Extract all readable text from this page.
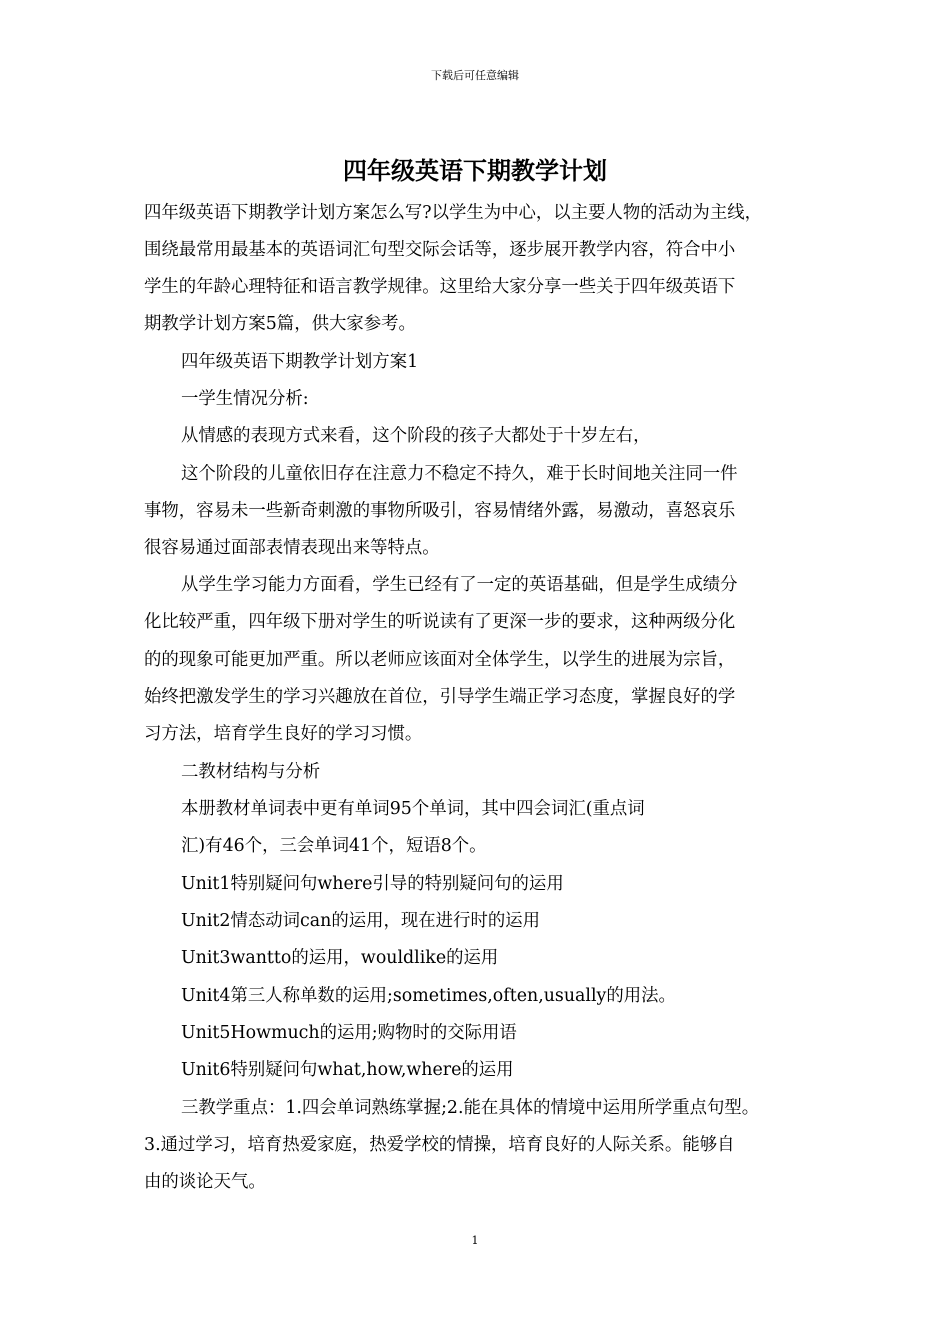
下载后可任意编辑
四年级英语下期教学计划
四年级英语下期教学计划方案怎么写?以学生为中心，以主要人物的活动为主线，
围绕最常用最基本的英语词汇句型交际会话等，逐步展开教学内容，符合中小
学生的年龄心理特征和语言教学规律。这里给大家分享一些关于四年级英语下
期教学计划方案5篇，供大家参考。
四年级英语下期教学计划方案1
一学生情况分析:
从情感的表现方式来看，这个阶段的孩子大都处于十岁左右，
这个阶段的儿童依旧存在注意力不稳定不持久，难于长时间地关注同一件
事物，容易未一些新奇刺激的事物所吸引，容易情绪外露，易激动，喜怒哀乐
很容易通过面部表情表现出来等特点。
从学生学习能力方面看，学生已经有了一定的英语基础，但是学生成绩分
化比较严重，四年级下册对学生的听说读有了更深一步的要求，这种两级分化
的的现象可能更加严重。所以老师应该面对全体学生，以学生的进展为宗旨，
始终把激发学生的学习兴趣放在首位，引导学生端正学习态度，掌握良好的学
习方法，培育学生良好的学习习惯。
二教材结构与分析
本册教材单词表中更有单词95个单词，其中四会词汇(重点词
汇)有46个，三会单词41个，短语8个。
Unit1特别疑问句where引导的特别疑问句的运用
Unit2情态动词can的运用，现在进行时的运用
Unit3wantto的运用，wouldlike的运用
Unit4第三人称单数的运用;sometimes,often,usually的用法。
Unit5Howmuch的运用;购物时的交际用语
Unit6特别疑问句what,how,where的运用
三教学重点：1.四会单词熟练掌握;2.能在具体的情境中运用所学重点句型。
3.通过学习，培育热爱家庭，热爱学校的情操，培育良好的人际关系。能够自
由的谈论天气。
1
